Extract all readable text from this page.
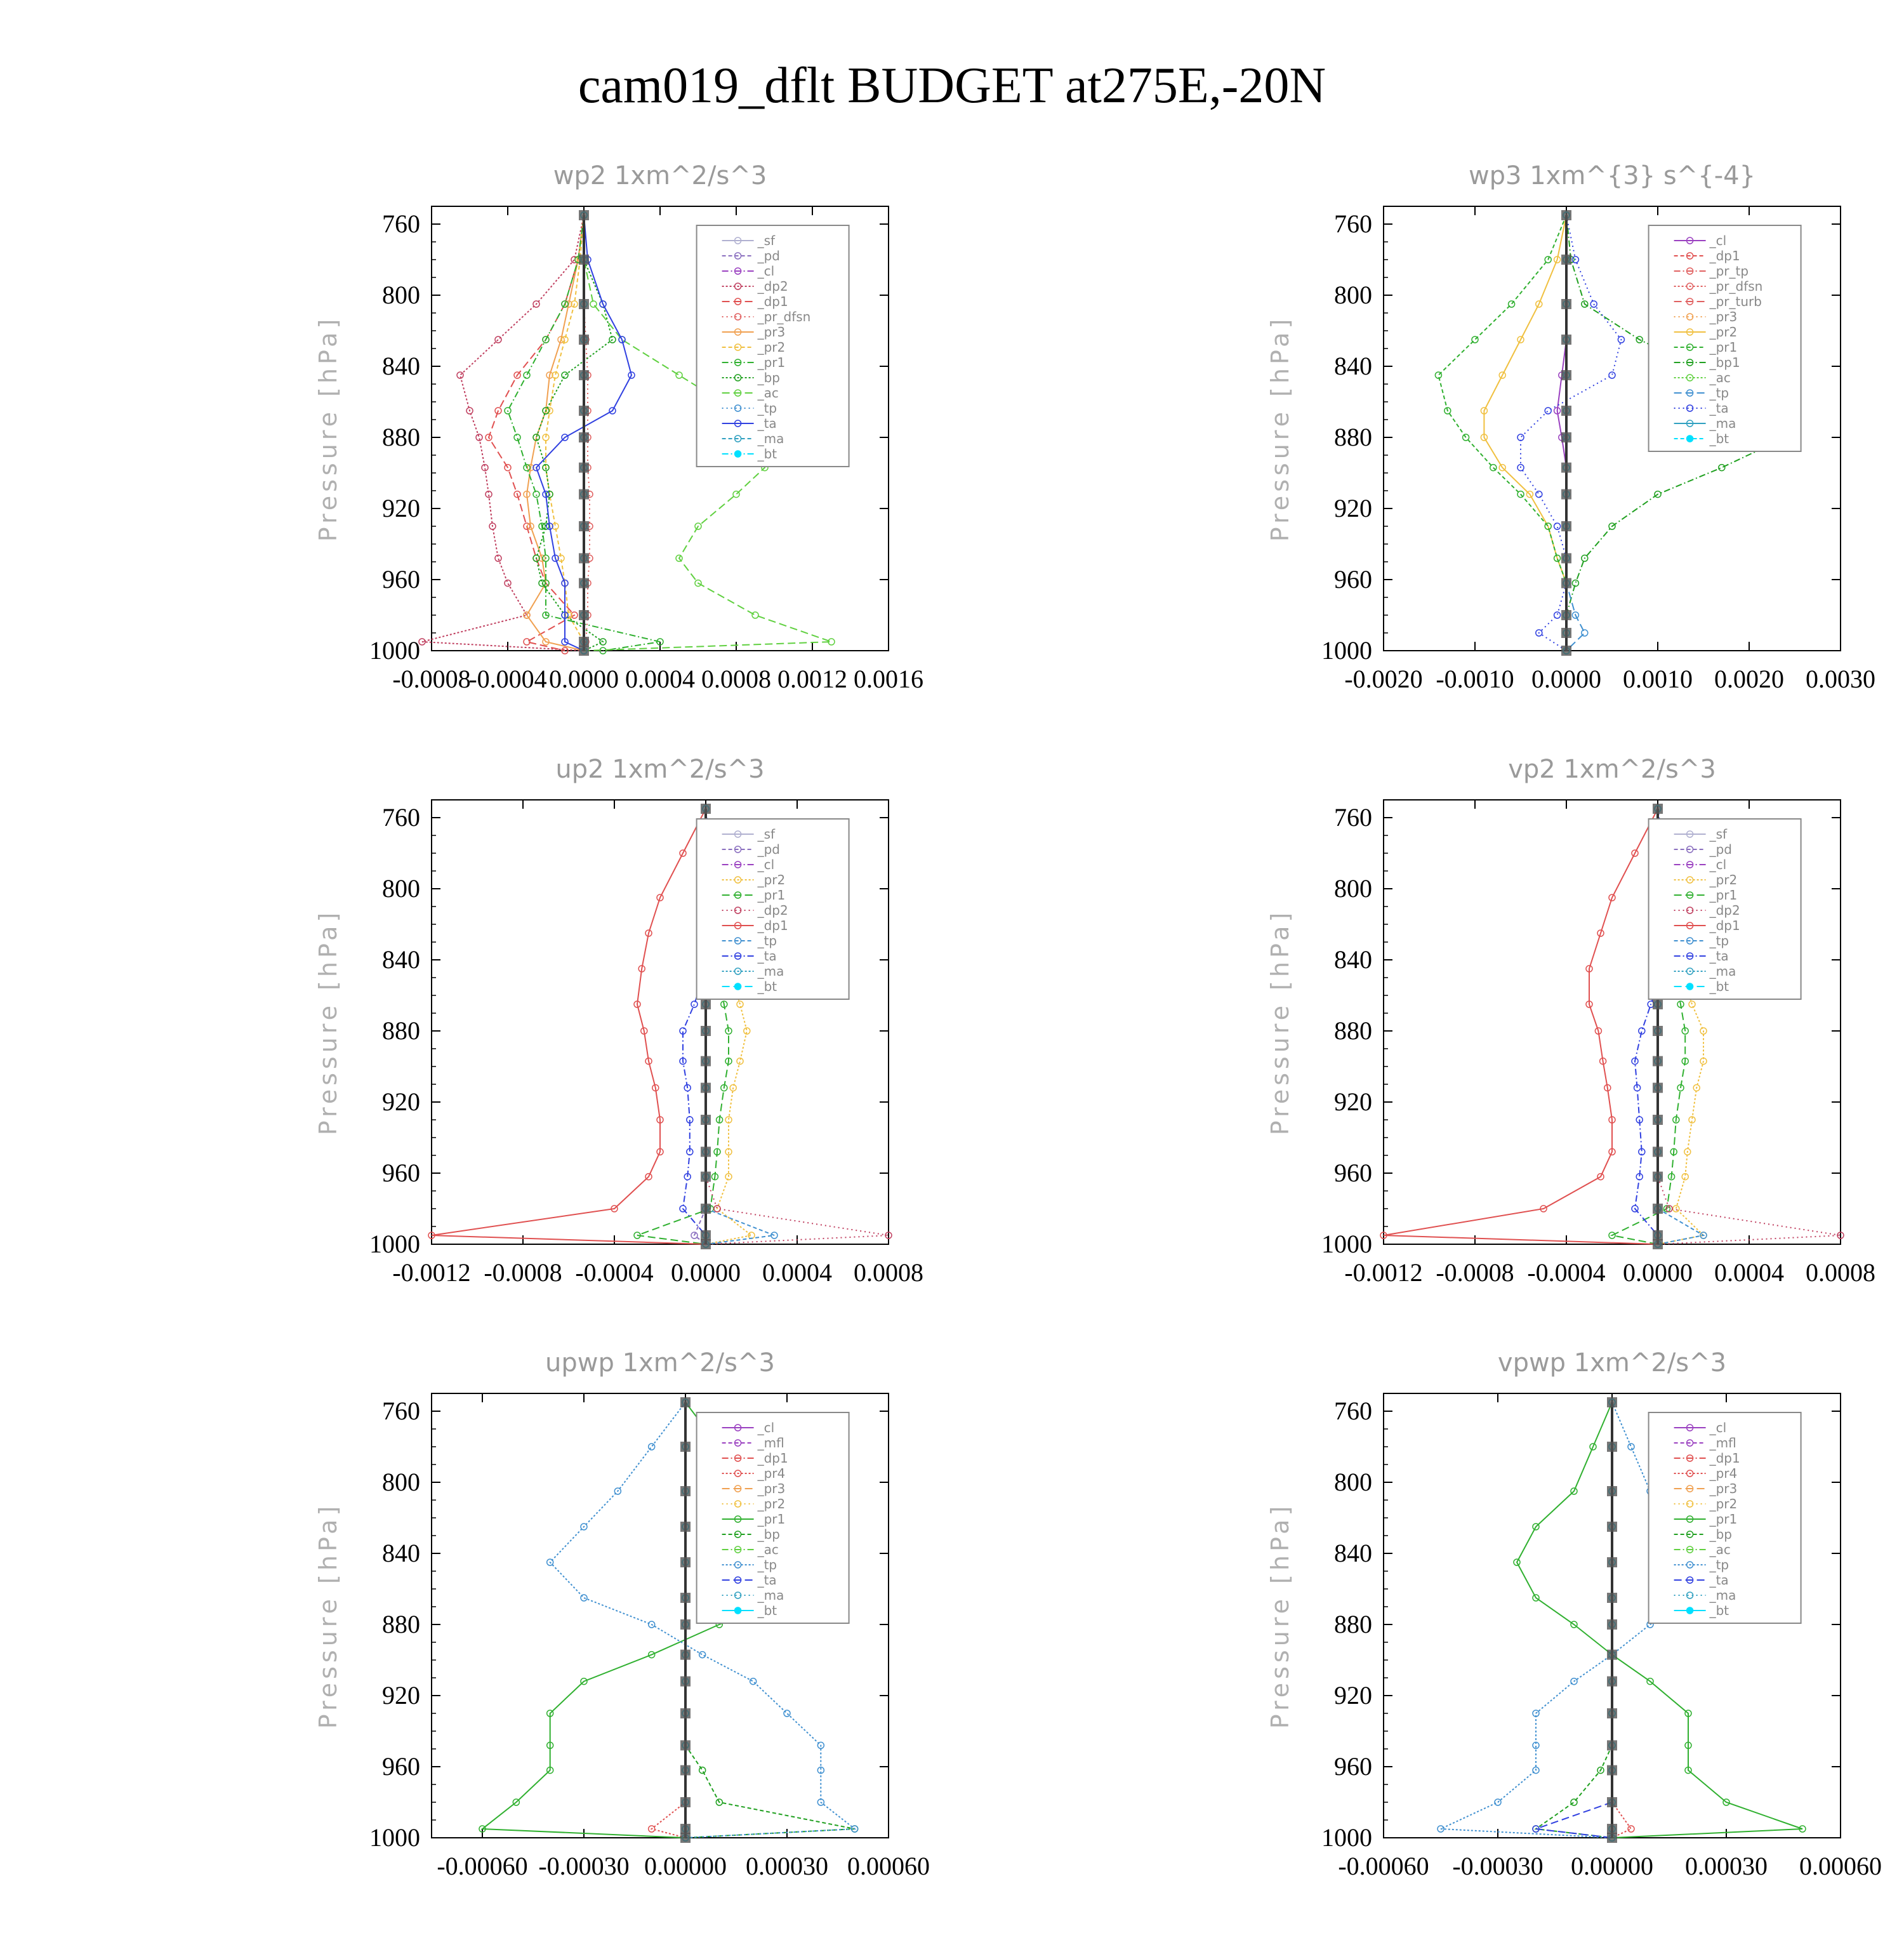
cam019_dflt BUDGET at275E,-20N
wp2 1xm^2/s^3
Pressure [hPa]
760
800
840
880
920
960
1000
-0.0008
-0.0004 0.0000 0.0004 0.0008 0.0012 0.0016
_sf
_pd
_cl
_dp2
_dp1
_pr_dfsn
_pr3
_pr2
_pr1
_bp
_ac
_tp
_ta
_ma
_bt
wp3 1xm^{3} s^{-4}
Pressure [hPa]
760
800
840
880
920
960
1000
-0.0020 -0.0010 0.0000 0.0010 0.0020 0.0030
_cl
_dp1
_pr_tp
_pr_dfsn
_pr_turb
_pr3
_pr2
_pr1
_bp1
_ac
_tp
_ta
_ma
_bt
up2 1xm^2/s^3
Pressure [hPa]
760
800
840
880
920
960
1000
-0.0012 -0.0008 -0.0004 0.0000 0.0004 0.0008
_sf
_pd
_cl
_pr2
_pr1
_dp2
_dp1
_tp
_ta
_ma
_bt
vp2 1xm^2/s^3
Pressure [hPa]
760
800
840
880
920
960
1000
-0.0012 -0.0008 -0.0004 0.0000 0.0004 0.0008
_sf
_pd
_cl
_pr2
_pr1
_dp2
_dp1
_tp
_ta
_ma
_bt
upwp 1xm^2/s^3
Pressure [hPa]
760
800
840
880
920
960
1000
-0.00060 -0.00030 0.00000 0.00030 0.00060
_cl
_mfl
_dp1
_pr4
_pr3
_pr2
_pr1
_bp
_ac
_tp
_ta
_ma
_bt
vpwp 1xm^2/s^3
Pressure [hPa]
760
800
840
880
920
960
1000
-0.00060 -0.00030 0.00000 0.00030 0.00060
_cl
_mfl
_dp1
_pr4
_pr3
_pr2
_pr1
_bp
_ac
_tp
_ta
_ma
_bt
